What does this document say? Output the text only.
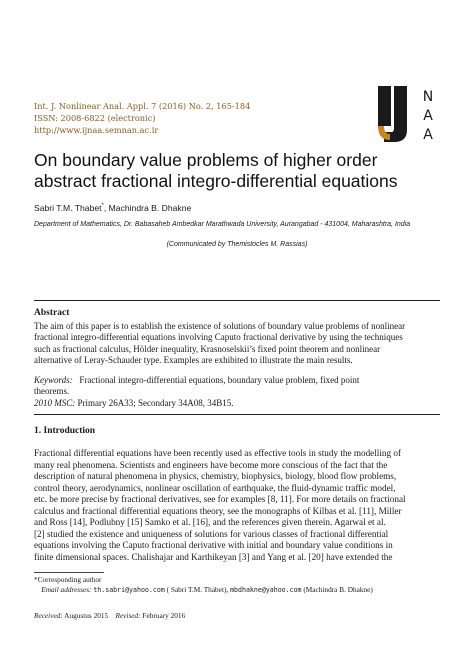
Int. J. Nonlinear Anal. Appl. 7 (2016) No. 2, 165-184
ISSN: 2008-6822 (electronic)
http://www.ijnaa.semnan.ac.ir
N
A
A
On boundary value problems of higher order
abstract fractional integro-differential equations
Sabri T.M. Thabet*, Machindra B. Dhakne
Department of Mathematics, Dr. Babasaheb Ambedkar Marathwada University, Aurangabad - 431004, Maharashtra, India
(Communicated by Themistocles M. Rassias)
Abstract
The aim of this paper is to establish the existence of solutions of boundary value problems of nonlinear
fractional integro-differential equations involving Caputo fractional derivative by using the techniques
such as fractional calculus, Hölder inequality, Krasnoselskii’s fixed point theorem and nonlinear
alternative of Leray-Schauder type. Examples are exhibited to illustrate the main results.
Keywords: Fractional integro-differential equations, boundary value problem, fixed point
theorems.
2010 MSC: Primary 26A33; Secondary 34A08, 34B15.
1. Introduction
Fractional differential equations have been recently used as effective tools in study the modelling of
many real phenomena. Scientists and engineers have become more conscious of the fact that the
description of natural phenomena in physics, chemistry, biophysics, biology, blood flow problems,
control theory, aerodynamics, nonlinear oscillation of earthquake, the fluid-dynamic traffic model,
etc. be more precise by fractional derivatives, see for examples [8, 11]. For more details on fractional
calculus and fractional differential equations theory, see the monographs of Kilbas et al. [11], Miller
and Ross [14], Podlubny [15] Samko et al. [16], and the references given therein. Agarwal et al.
[2] studied the existence and uniqueness of solutions for various classes of fractional differential
equations involving the Caputo fractional derivative with initial and boundary value conditions in
finite dimensional spaces. Chalishajar and Karthikeyan [3] and Yang et al. [20] have extended the
*Corresponding author
Email addresses: th.sabri@yahoo.com ( Sabri T.M. Thabet), mbdhakne@yahoo.com (Machindra B. Dhakne)
Received: Augustus 2015 Revised: February 2016
